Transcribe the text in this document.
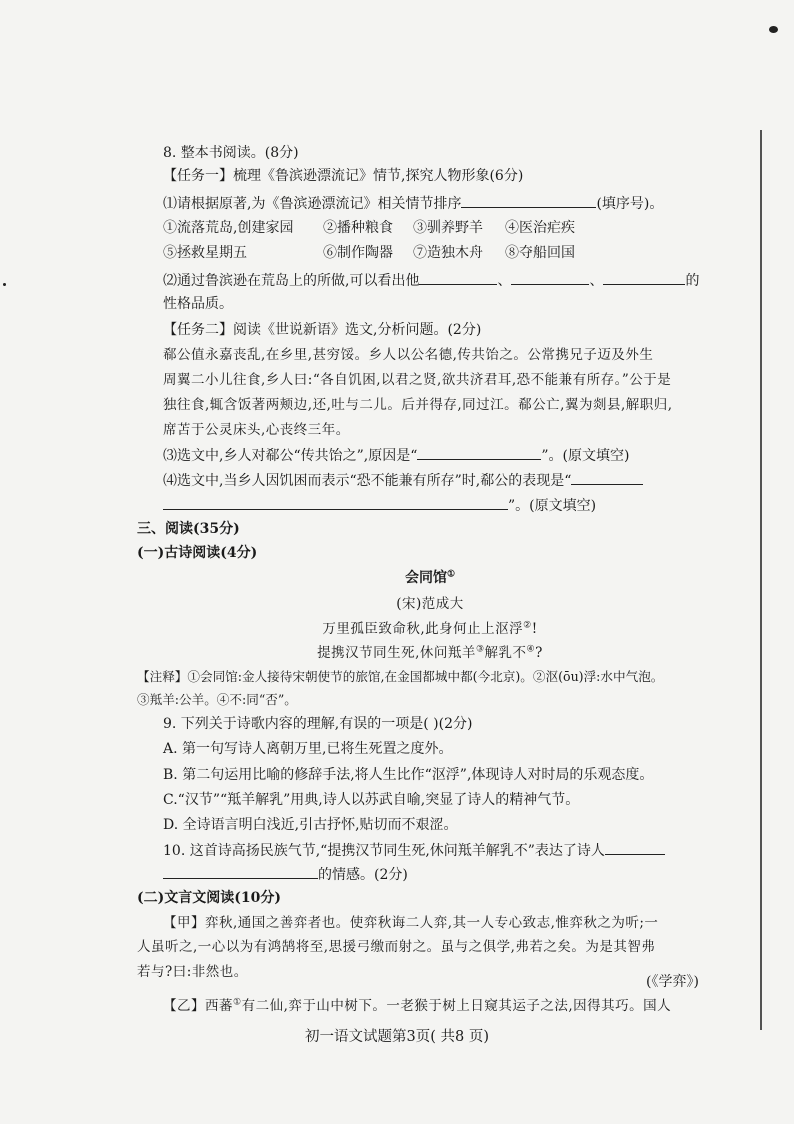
8. 整本书阅读。(8分)
【任务一】梳理《鲁滨逊漂流记》情节,探究人物形象(6分)
⑴请根据原著,为《鲁滨逊漂流记》相关情节排序	(填序号)。
①流落荒岛,创建家园 ②播种粮食 ③驯养野羊 ④医治疟疾
⑤拯救星期五	⑥制作陶器 ⑦造独木舟 ⑧夺船回国
⑵通过鲁滨逊在荒岛上的所做,可以看出他	、	、	的
性格品质。
【任务二】阅读《世说新语》选文,分析问题。(2分)
郗公值永嘉丧乱,在乡里,甚穷馁。乡人以公名德,传共饴之。公常携兄子迈及外生
周翼二小儿往食,乡人曰:“各自饥困,以君之贤,欲共济君耳,恐不能兼有所存。”公于是
独往食,辄含饭著两颊边,还,吐与二儿。后并得存,同过江。郗公亡,翼为剡县,解职归,
席苫于公灵床头,心丧终三年。
⑶选文中,乡人对郗公“传共饴之”,原因是“	”。(原文填空)
⑷选文中,当乡人因饥困而表示“恐不能兼有所存”时,郗公的表现是“
”。(原文填空)
三、阅读(35分)
(一)古诗阅读(4分)
会同馆①
(宋)范成大
万里孤臣致命秋,此身何止上沤浮②!
提携汉节同生死,休问羝羊③解乳不④?
【注释】①会同馆:金人接待宋朝使节的旅馆,在金国都城中都(今北京)。②沤(ōu)浮:水中气泡。
③羝羊:公羊。④不:同“否”。
9. 下列关于诗歌内容的理解,有误的一项是( )(2分)
A. 第一句写诗人离朝万里,已将生死置之度外。
B. 第二句运用比喻的修辞手法,将人生比作“沤浮”,体现诗人对时局的乐观态度。
C.“汉节”“羝羊解乳”用典,诗人以苏武自喻,突显了诗人的精神气节。
D. 全诗语言明白浅近,引古抒怀,贴切而不艰涩。
10. 这首诗高扬民族气节,“提携汉节同生死,休问羝羊解乳不”表达了诗人
的情感。(2分)
(二)文言文阅读(10分)
【甲】弈秋,通国之善弈者也。使弈秋诲二人弈,其一人专心致志,惟弈秋之为听;一
人虽听之,一心以为有鸿鹄将至,思援弓缴而射之。虽与之俱学,弗若之矣。为是其智弗
若与?曰:非然也。
(《学弈》)
【乙】西蕃①有二仙,弈于山中树下。一老猴于树上日窥其运子之法,因得其巧。国人
初一语文试题第3页( 共8 页)
